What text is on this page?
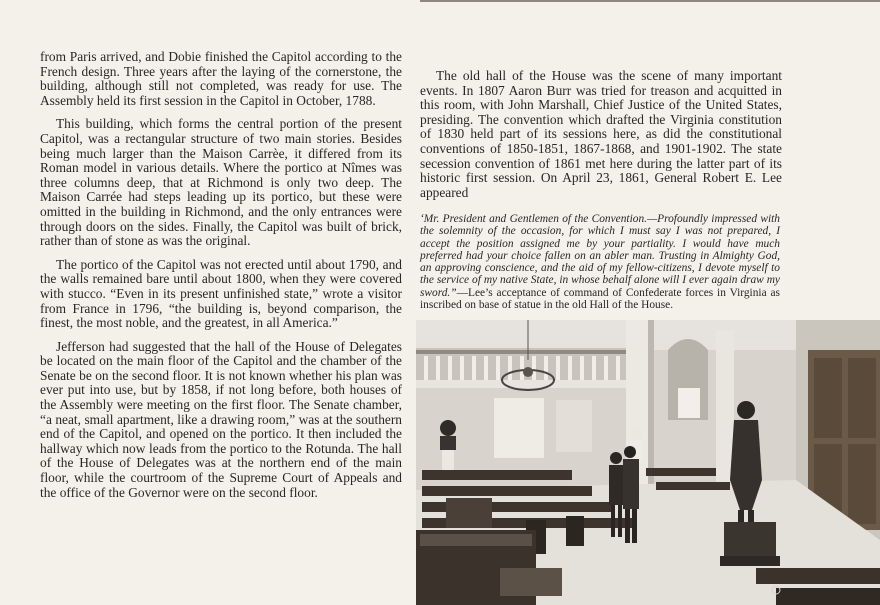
from Paris arrived, and Dobie finished the Capitol according to the French design. Three years after the laying of the cornerstone, the building, although still not completed, was ready for use. The Assembly held its first session in the Capitol in October, 1788.

This building, which forms the central portion of the present Capitol, was a rectangular structure of two main stories. Besides being much larger than the Maison Carrèe, it differed from its Roman model in various details. Where the portico at Nîmes was three columns deep, that at Richmond is only two deep. The Maison Carrée had steps leading up its portico, but these were omitted in the building in Richmond, and the only entrances were through doors on the sides. Finally, the Capitol was built of brick, rather than of stone as was the original.

The portico of the Capitol was not erected until about 1790, and the walls remained bare until about 1800, when they were covered with stucco. “Even in its present unfinished state,” wrote a visitor from France in 1796, “the building is, beyond comparison, the finest, the most noble, and the greatest, in all America.”

Jefferson had suggested that the hall of the House of Delegates be located on the main floor of the Capitol and the chamber of the Senate be on the second floor. It is not known whether his plan was ever put into use, but by 1858, if not long before, both houses of the Assembly were meeting on the first floor. The Senate chamber, “a neat, small apartment, like a drawing room,” was at the southern end of the Capitol, and opened on the portico. It then included the hallway which now leads from the portico to the Rotunda. The hall of the House of Delegates was at the northern end of the main floor, while the courtroom of the Supreme Court of Appeals and the office of the Governor were on the second floor.

The old hall of the House was the scene of many important events. In 1807 Aaron Burr was tried for treason and acquitted in this room, with John Marshall, Chief Justice of the United States, presiding. The convention which drafted the Virginia constitution of 1830 held part of its sessions here, as did the constitutional conventions of 1850-1851, 1867-1868, and 1901-1902. The state secession convention of 1861 met here during the latter part of its historic first session. On April 23, 1861, General Robert E. Lee appeared

‘Mr. President and Gentlemen of the Convention.—Profoundly impressed with the solemnity of the occasion, for which I must say I was not prepared, I accept the position assigned me by your partiality. I would have much preferred had your choice fallen on an abler man. Trusting in Almighty God, an approving conscience, and the aid of my fellow-citizens, I devote myself to the service of my native State, in whose behalf alone will I ever again draw my sword.”—Lee’s acceptance of command of Confederate forces in Virginia as inscribed on base of statue in the old Hall of the House.
